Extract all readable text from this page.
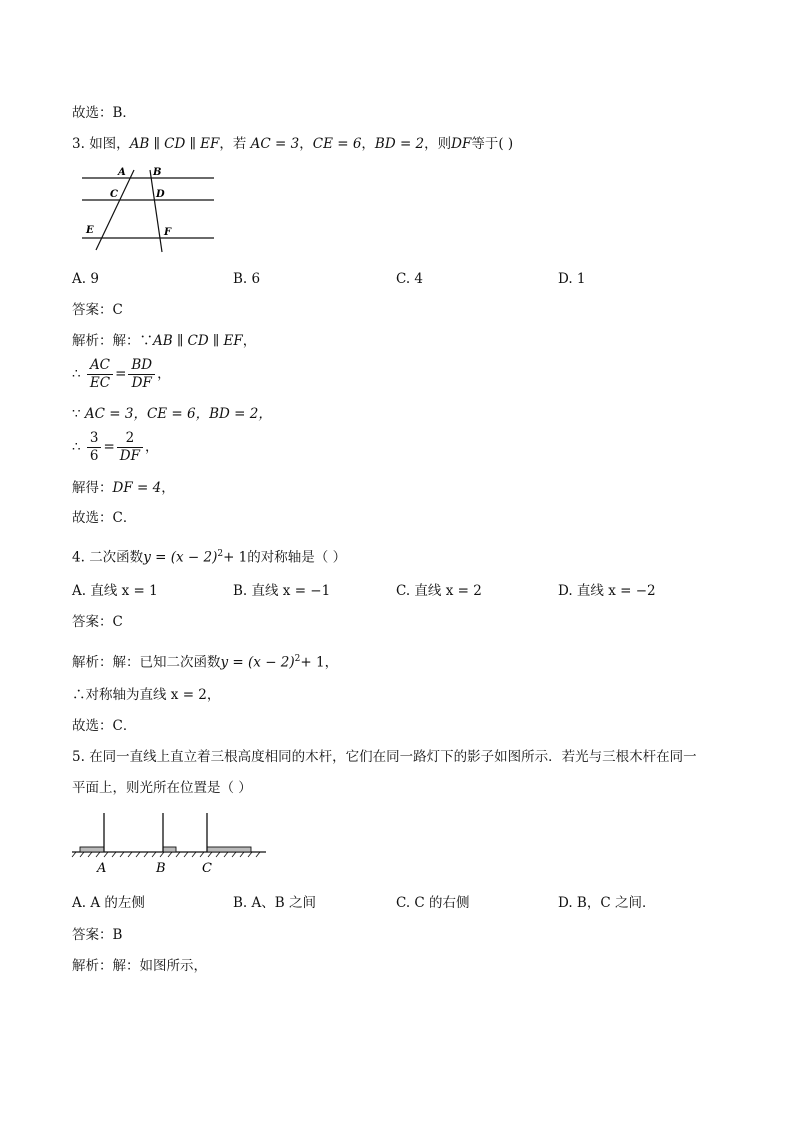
故选：B．
3. 如图，AB ∥ CD ∥ EF，若 AC = 3，CE = 6，BD = 2，则DF等于( )
A	B
C	D
E	F
A. 9	B. 6	C. 4	D. 1
答案：C
解析：解：∵AB ∥ CD ∥ EF，
∴ $\frac{AC}{EC} = \frac{BD}{DF}$ ，
∵ AC = 3，CE = 6，BD = 2，
∴ $\frac{3}{6} = \frac{2}{DF}$ ，
解得：DF = 4，
故选：C．
4. 二次函数$y = (x - 2)^2+ 1$的对称轴是（ ）
A. 直线 x = 1	B. 直线 x = −1	C. 直线 x = 2	D. 直线 x = −2
答案：C
解析：解：已知二次函数$y = (x - 2)^2+ 1$，
∴对称轴为直线 x = 2，
故选：C．
5. 在同一直线上直立着三根高度相同的木杆，它们在同一路灯下的影子如图所示．若光与三根木杆在同一
平面上，则光所在位置是（ ）
A	B	C
A. A 的左侧	B. A、B 之间	C. C 的右侧	D. B，C 之间．
答案：B
解析：解：如图所示，
